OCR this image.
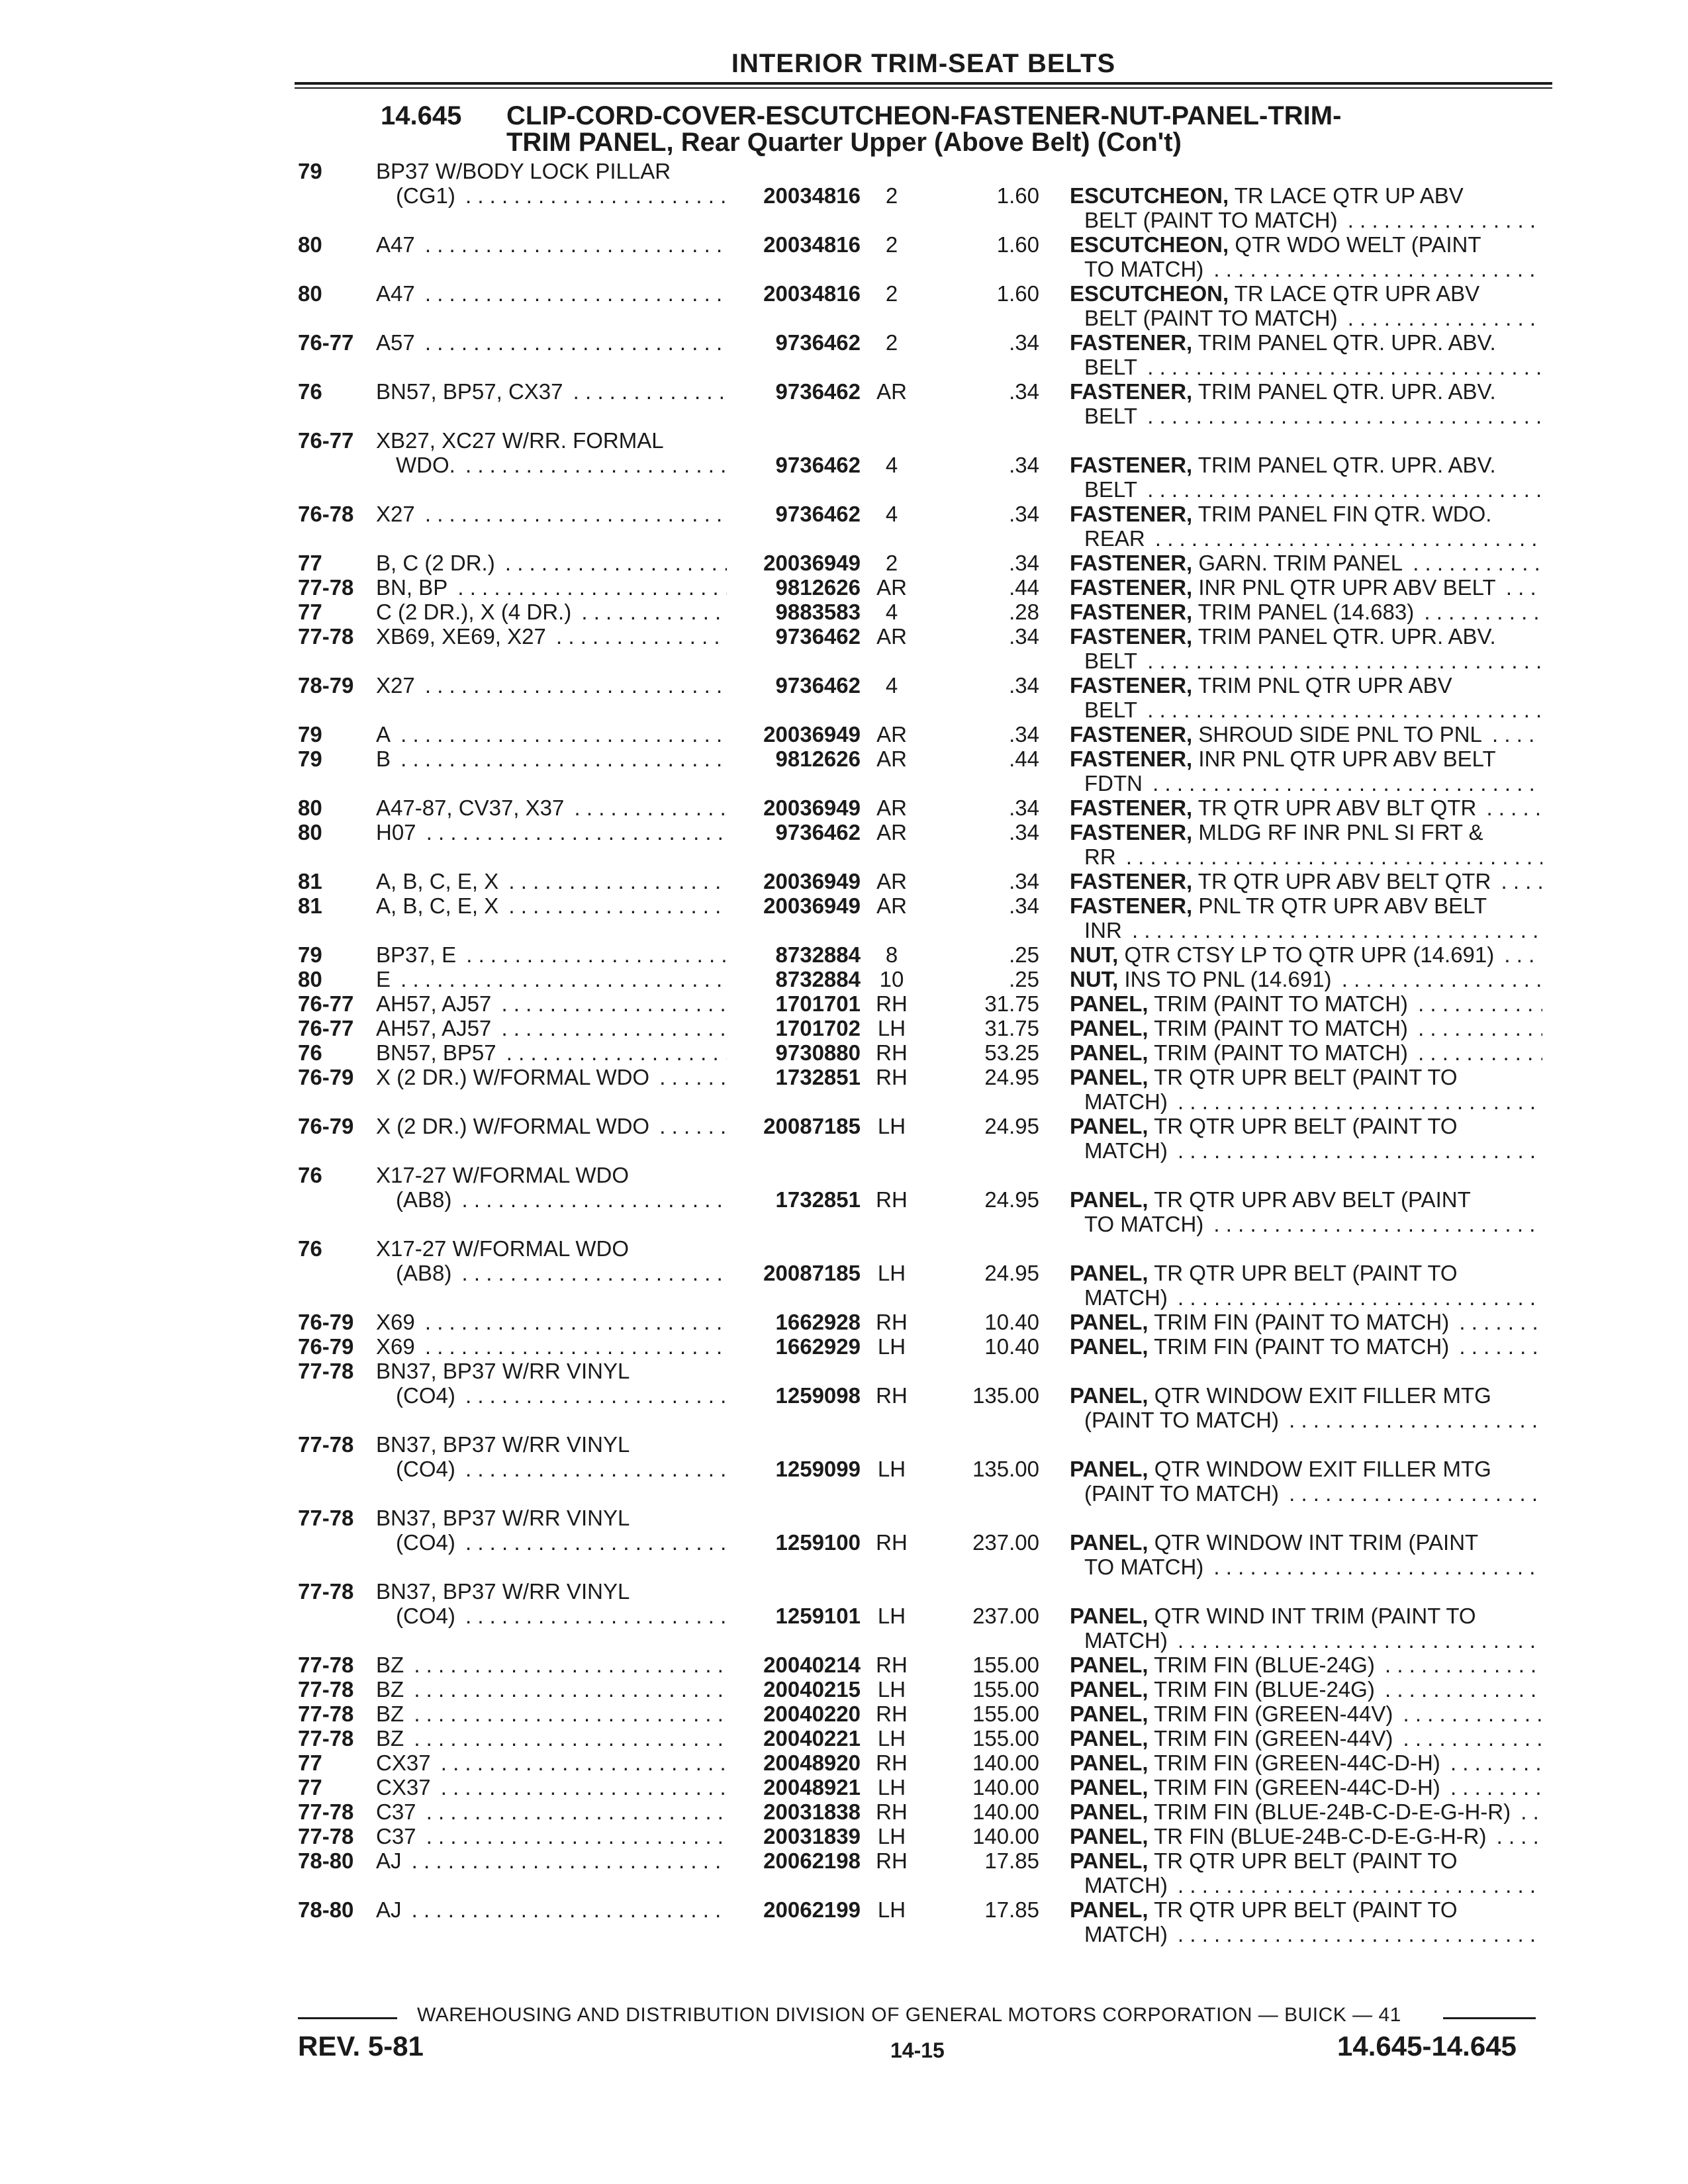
INTERIOR TRIM-SEAT BELTS
14.645 CLIP-CORD-COVER-ESCUTCHEON-FASTENER-NUT-PANEL-TRIM-
TRIM PANEL, Rear Quarter Upper (Above Belt) (Con't)
79 BP37 W/BODY LOCK PILLAR
(CG1) . . .	20034816	2	1.60 ESCUTCHEON, TR LACE QTR UP ABV
BELT (PAINT TO MATCH) . . .
80 A47 . . .	20034816	2	1.60 ESCUTCHEON, QTR WDO WELT (PAINT
TO MATCH) . . .
80 A47 . . .	20034816	2	1.60 ESCUTCHEON, TR LACE QTR UPR ABV
BELT (PAINT TO MATCH) . . .
76-77 A57 . . .	9736462	2	.34 FASTENER, TRIM PANEL QTR. UPR. ABV.
BELT . . .
76 BN57, BP57, CX37 . . .	9736462 AR	.34 FASTENER, TRIM PANEL QTR. UPR. ABV.
BELT . . .
76-77 XB27, XC27 W/RR. FORMAL
WDO. . . .	9736462	4	.34 FASTENER, TRIM PANEL QTR. UPR. ABV.
BELT . . .
76-78 X27 . . .	9736462	4	.34 FASTENER, TRIM PANEL FIN QTR. WDO.
REAR . . .
77 B, C (2 DR.) . . .	20036949	2	.34 FASTENER, GARN. TRIM PANEL . . .
77-78 BN, BP . . .	9812626 AR	.44 FASTENER, INR PNL QTR UPR ABV BELT . . .
77 C (2 DR.), X (4 DR.) . . .	9883583	4	.28 FASTENER, TRIM PANEL (14.683) . . .
77-78 XB69, XE69, X27 . . .	9736462 AR	.34 FASTENER, TRIM PANEL QTR. UPR. ABV.
BELT . . .
78-79 X27 . . .	9736462	4	.34 FASTENER, TRIM PNL QTR UPR ABV
BELT . . .
79 A . . .	20036949 AR	.34 FASTENER, SHROUD SIDE PNL TO PNL . . .
79 B . . .	9812626 AR	.44 FASTENER, INR PNL QTR UPR ABV BELT
FDTN . . .
80 A47-87, CV37, X37 . . .	20036949 AR	.34 FASTENER, TR QTR UPR ABV BLT QTR . . .
80 H07 . . .	9736462 AR	.34 FASTENER, MLDG RF INR PNL SI FRT &
RR . . .
81 A, B, C, E, X . . .	20036949 AR	.34 FASTENER, TR QTR UPR ABV BELT QTR . . .
81 A, B, C, E, X . . .	20036949 AR	.34 FASTENER, PNL TR QTR UPR ABV BELT
INR . . .
79 BP37, E . . .	8732884	8	.25 NUT, QTR CTSY LP TO QTR UPR (14.691) . . .
80 E . . .	8732884 10	.25 NUT, INS TO PNL (14.691) . . .
76-77 AH57, AJ57 . . .	1701701 RH	31.75 PANEL, TRIM (PAINT TO MATCH) . . .
76-77 AH57, AJ57 . . .	1701702 LH	31.75 PANEL, TRIM (PAINT TO MATCH) . . .
76 BN57, BP57 . . .	9730880 RH	53.25 PANEL, TRIM (PAINT TO MATCH) . . .
76-79 X (2 DR.) W/FORMAL WDO . . .	1732851 RH	24.95 PANEL, TR QTR UPR BELT (PAINT TO
MATCH) . . .
76-79 X (2 DR.) W/FORMAL WDO . . .	20087185 LH	24.95 PANEL, TR QTR UPR BELT (PAINT TO
MATCH) . . .
76 X17-27 W/FORMAL WDO
(AB8) . . .	1732851 RH	24.95 PANEL, TR QTR UPR ABV BELT (PAINT
TO MATCH) . . .
76 X17-27 W/FORMAL WDO
(AB8) . . .	20087185 LH	24.95 PANEL, TR QTR UPR BELT (PAINT TO
MATCH) . . .
76-79 X69 . . .	1662928 RH	10.40 PANEL, TRIM FIN (PAINT TO MATCH) . . .
76-79 X69 . . .	1662929 LH	10.40 PANEL, TRIM FIN (PAINT TO MATCH) . . .
77-78 BN37, BP37 W/RR VINYL
(CO4) . . .	1259098 RH	135.00 PANEL, QTR WINDOW EXIT FILLER MTG
(PAINT TO MATCH) . . .
77-78 BN37, BP37 W/RR VINYL
(CO4) . . .	1259099 LH	135.00 PANEL, QTR WINDOW EXIT FILLER MTG
(PAINT TO MATCH) . . .
77-78 BN37, BP37 W/RR VINYL
(CO4) . . .	1259100 RH	237.00 PANEL, QTR WINDOW INT TRIM (PAINT
TO MATCH) . . .
77-78 BN37, BP37 W/RR VINYL
(CO4) . . .	1259101 LH	237.00 PANEL, QTR WIND INT TRIM (PAINT TO
MATCH) . . .
77-78 BZ . . .	20040214 RH	155.00 PANEL, TRIM FIN (BLUE-24G) . . .
77-78 BZ . . .	20040215 LH	155.00 PANEL, TRIM FIN (BLUE-24G) . . .
77-78 BZ . . .	20040220 RH	155.00 PANEL, TRIM FIN (GREEN-44V) . . .
77-78 BZ . . .	20040221 LH	155.00 PANEL, TRIM FIN (GREEN-44V) . . .
77 CX37 . . .	20048920 RH	140.00 PANEL, TRIM FIN (GREEN-44C-D-H) . . .
77 CX37 . . .	20048921 LH	140.00 PANEL, TRIM FIN (GREEN-44C-D-H) . . .
77-78 C37 . . .	20031838 RH	140.00 PANEL, TRIM FIN (BLUE-24B-C-D-E-G-H-R) . . .
77-78 C37 . . .	20031839 LH	140.00 PANEL, TR FIN (BLUE-24B-C-D-E-G-H-R) . . .
78-80 AJ . . .	20062198 RH	17.85 PANEL, TR QTR UPR BELT (PAINT TO
MATCH) . . .
78-80 AJ . . .	20062199 LH	17.85 PANEL, TR QTR UPR BELT (PAINT TO
MATCH) . . .
WAREHOUSING AND DISTRIBUTION DIVISION OF GENERAL MOTORS CORPORATION — BUICK — 41
REV. 5-81	14-15	14.645-14.645
